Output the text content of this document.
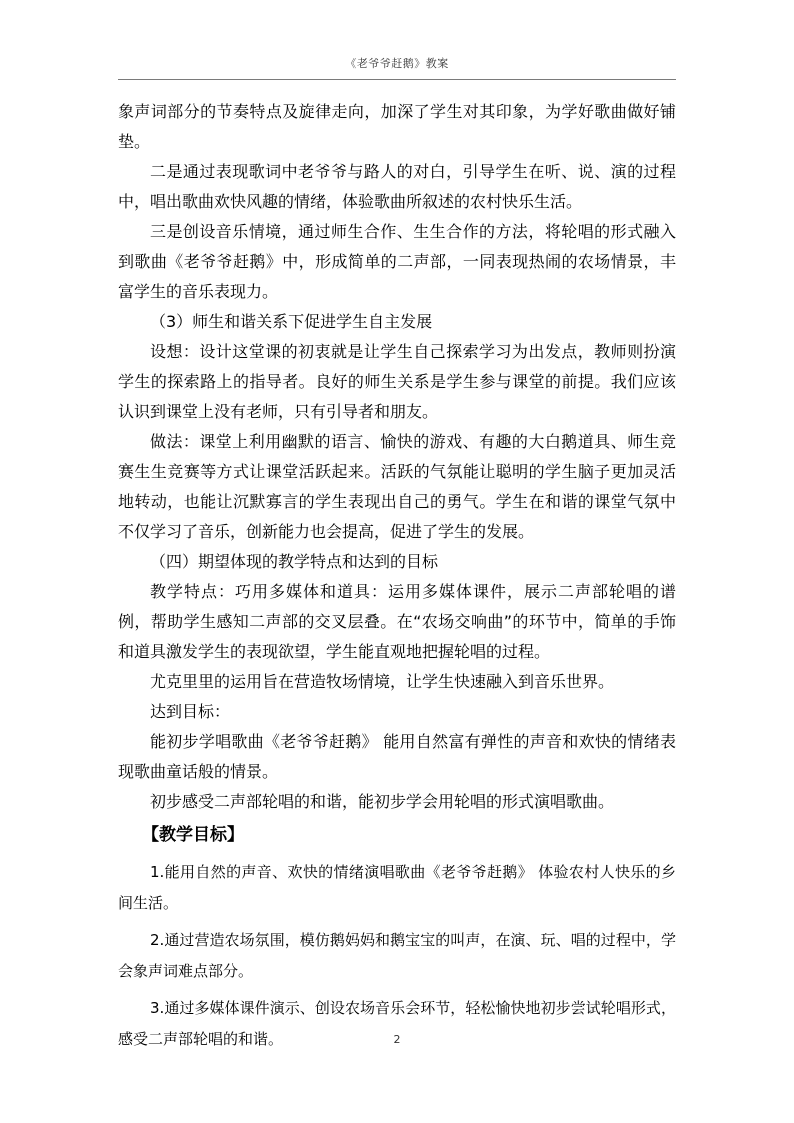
《老爷爷赶鹅》教案

象声词部分的节奏特点及旋律走向，加深了学生对其印象，为学好歌曲做好铺垫。

二是通过表现歌词中老爷爷与路人的对白，引导学生在听、说、演的过程中，唱出歌曲欢快风趣的情绪，体验歌曲所叙述的农村快乐生活。

三是创设音乐情境，通过师生合作、生生合作的方法，将轮唱的形式融入到歌曲《老爷爷赶鹅》中，形成简单的二声部，一同表现热闹的农场情景，丰富学生的音乐表现力。

（3）师生和谐关系下促进学生自主发展

设想：设计这堂课的初衷就是让学生自己探索学习为出发点，教师则扮演学生的探索路上的指导者。良好的师生关系是学生参与课堂的前提。我们应该认识到课堂上没有老师，只有引导者和朋友。

做法：课堂上利用幽默的语言、愉快的游戏、有趣的大白鹅道具、师生竞赛生生竞赛等方式让课堂活跃起来。活跃的气氛能让聪明的学生脑子更加灵活地转动，也能让沉默寡言的学生表现出自己的勇气。学生在和谐的课堂气氛中不仅学习了音乐，创新能力也会提高，促进了学生的发展。

（四）期望体现的教学特点和达到的目标

教学特点：巧用多媒体和道具：运用多媒体课件，展示二声部轮唱的谱例，帮助学生感知二声部的交叉层叠。在“农场交响曲”的环节中，简单的手饰和道具激发学生的表现欲望，学生能直观地把握轮唱的过程。

尤克里里的运用旨在营造牧场情境，让学生快速融入到音乐世界。

达到目标：

能初步学唱歌曲《老爷爷赶鹅》 能用自然富有弹性的声音和欢快的情绪表现歌曲童话般的情景。

初步感受二声部轮唱的和谐，能初步学会用轮唱的形式演唱歌曲。

【教学目标】

1.能用自然的声音、欢快的情绪演唱歌曲《老爷爷赶鹅》 体验农村人快乐的乡间生活。

2.通过营造农场氛围，模仿鹅妈妈和鹅宝宝的叫声，在演、玩、唱的过程中，学会象声词难点部分。

3.通过多媒体课件演示、创设农场音乐会环节，轻松愉快地初步尝试轮唱形式，感受二声部轮唱的和谐。	2
